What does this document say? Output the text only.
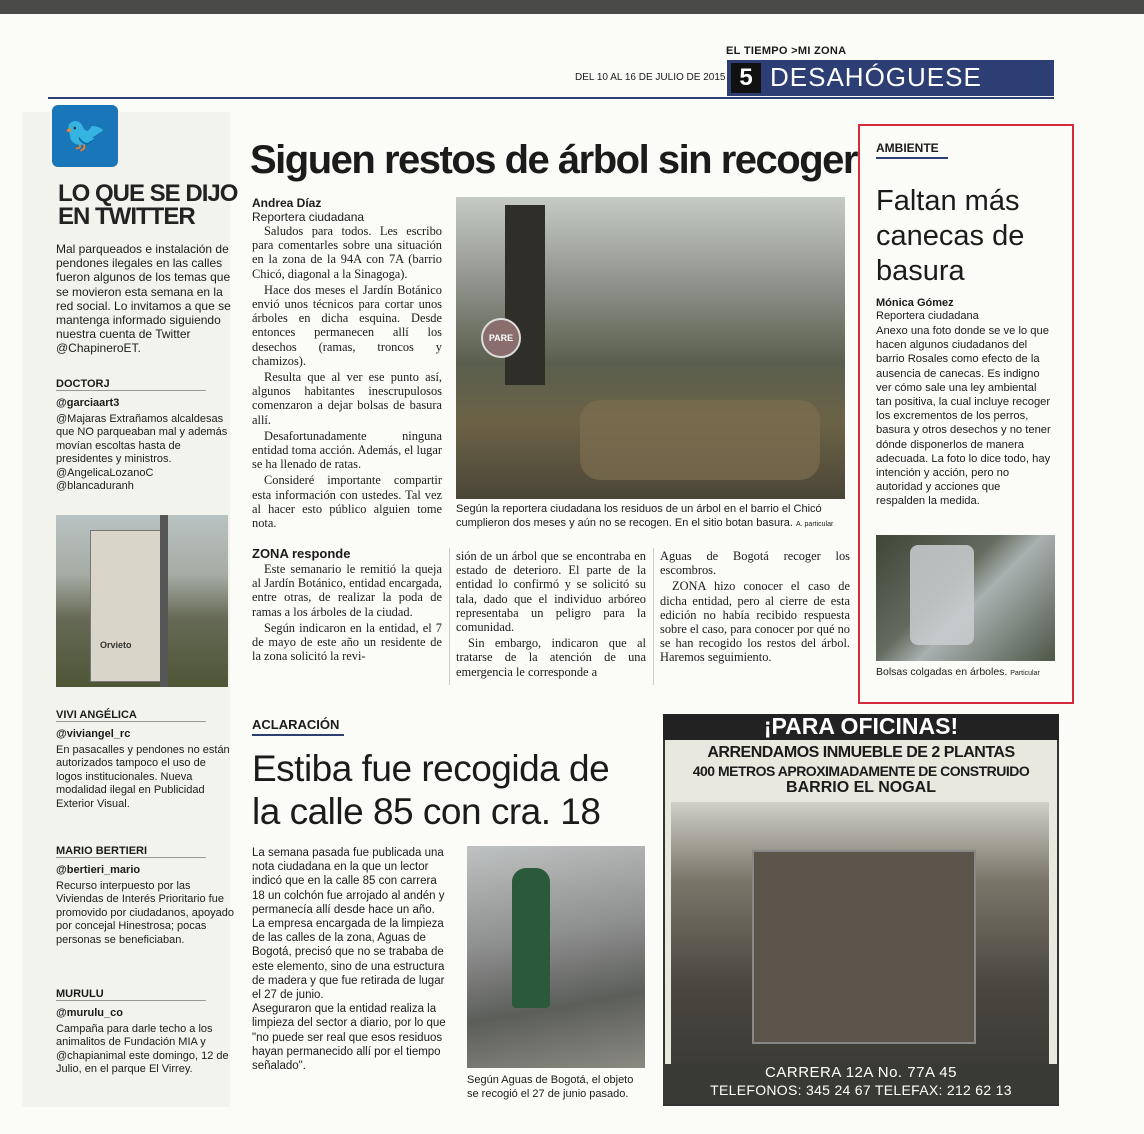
EL TIEMPO >MI ZONA
DEL 10 AL 16 DE JULIO DE 2015 5 DESAHÓGUESE
🐦
LO QUE SE DIJO
EN TWITTER
Mal parqueados e instalación de pendones ilegales en las calles fueron algunos de los temas que se movieron esta semana en la red social. Lo invitamos a que se mantenga informado siguiendo nuestra cuenta de Twitter @ChapineroET.
DOCTORJ
@garciaart3
@Majaras Extrañamos alcaldesas que NO parqueaban mal y además movían escoltas hasta de presidentes y ministros. @AngelicaLozanoC @blancaduranh
Orvieto
VIVI ANGÉLICA
@viviangel_rc
En pasacalles y pendones no están autorizados tampoco el uso de logos institucionales. Nueva modalidad ilegal en Publicidad Exterior Visual.
MARIO BERTIERI
@bertieri_mario
Recurso interpuesto por las Viviendas de Interés Prioritario fue promovido por ciudadanos, apoyado por concejal Hinestrosa; pocas personas se beneficiaban.
MURULU
@murulu_co
Campaña para darle techo a los animalitos de Fundación MIA y @chapianimal este domingo, 12 de Julio, en el parque El Virrey.
Siguen restos de árbol sin recoger
Andrea Díaz
Reportera ciudadana

Saludos para todos. Les escribo para comentarles sobre una situación en la zona de la 94A con 7A (barrio Chicó, diagonal a la Sinagoga).

Hace dos meses el Jardín Botánico envió unos técnicos para cortar unos árboles en dicha esquina. Desde entonces permanecen allí los desechos (ramas, troncos y chamizos).

Resulta que al ver ese punto así, algunos habitantes inescrupulosos comenzaron a dejar bolsas de basura allí.

Desafortunadamente ninguna entidad toma acción. Además, el lugar se ha llenado de ratas.

Consideré importante compartir esta información con ustedes. Tal vez al hacer esto público alguien tome nota.

PARE
Según la reportera ciudadana los residuos de un árbol en el barrio el Chicó cumplieron dos meses y aún no se recogen. En el sitio botan basura. A. particular
ZONA responde

Este semanario le remitió la queja al Jardín Botánico, entidad encargada, entre otras, de realizar la poda de ramas a los árboles de la ciudad.

Según indicaron en la entidad, el 7 de mayo de este año un residente de la zona solicitó la revi-

sión de un árbol que se encontraba en estado de deterioro. El parte de la entidad lo confirmó y se solicitó su tala, dado que el individuo arbóreo representaba un peligro para la comunidad.

Sin embargo, indicaron que al tratarse de la atención de una emergencia le corresponde a

Aguas de Bogotá recoger los escombros.

ZONA hizo conocer el caso de dicha entidad, pero al cierre de esta edición no había recibido respuesta sobre el caso, para conocer por qué no se han recogido los restos del árbol. Haremos seguimiento.

AMBIENTE
Faltan más canecas de basura
Mónica Gómez
Reportera ciudadana
Anexo una foto donde se ve lo que hacen algunos ciudadanos del barrio Rosales como efecto de la ausencia de canecas. Es indigno ver cómo sale una ley ambiental tan positiva, la cual incluye recoger los excrementos de los perros, basura y otros desechos y no tener dónde disponerlos de manera adecuada. La foto lo dice todo, hay intención y acción, pero no autoridad y acciones que respalden la medida.
Bolsas colgadas en árboles. Particular
ACLARACIÓN
Estiba fue recogida de la calle 85 con cra. 18

La semana pasada fue publicada una nota ciudadana en la que un lector indicó que en la calle 85 con carrera 18 un colchón fue arrojado al andén y permanecía allí desde hace un año.

La empresa encargada de la limpieza de las calles de la zona, Aguas de Bogotá, precisó que no se trababa de este elemento, sino de una estructura de madera y que fue retirada de lugar el 27 de junio.

Aseguraron que la entidad realiza la limpieza del sector a diario, por lo que "no puede ser real que esos residuos hayan permanecido allí por el tiempo señalado".

Según Aguas de Bogotá, el objeto se recogió el 27 de junio pasado.
¡PARA OFICINAS!
ARRENDAMOS INMUEBLE DE 2 PLANTAS
400 METROS APROXIMADAMENTE DE CONSTRUIDO
BARRIO EL NOGAL
CARRERA 12A No. 77A 45
TELEFONOS: 345 24 67 TELEFAX: 212 62 13
